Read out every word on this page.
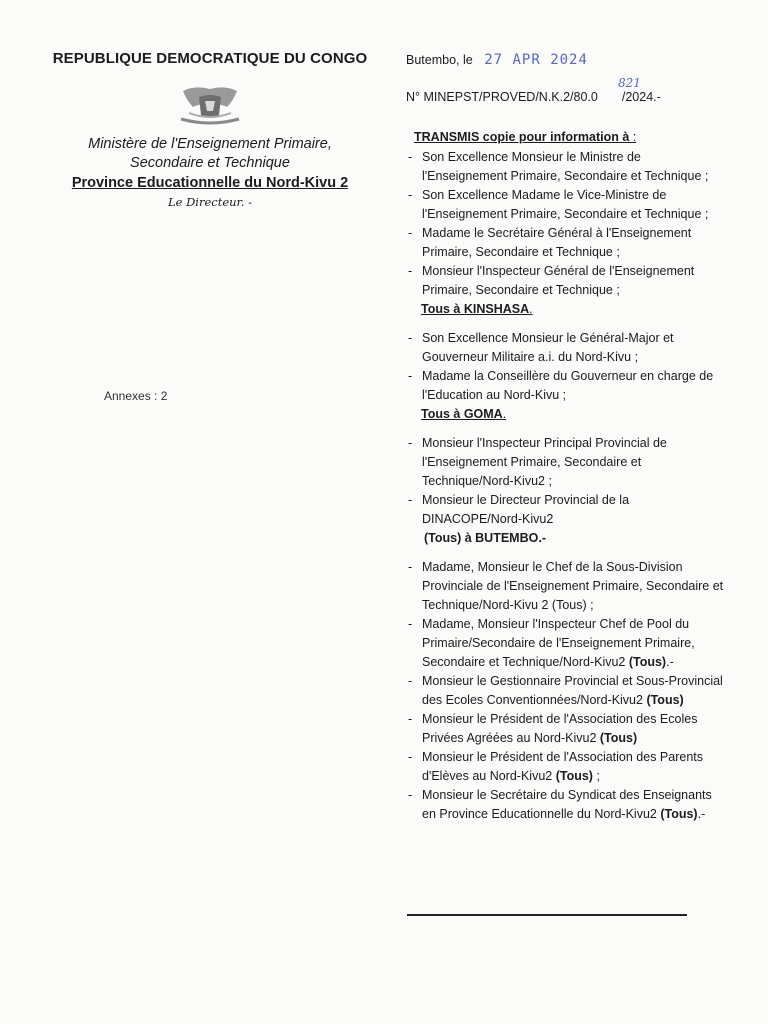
REPUBLIQUE DEMOCRATIQUE DU CONGO
Ministère de l'Enseignement Primaire,
Secondaire et Technique
Province Educationnelle du Nord-Kivu 2
Le Directeur. -
Annexes : 2
Butembo, le 27 APR 2024
N° MINEPST/PROVED/N.K.2/80.0
821
/2024.-
TRANSMIS copie pour information à :
- Son Excellence Monsieur le Ministre de l'Enseignement Primaire, Secondaire et Technique ;
- Son Excellence Madame le Vice-Ministre de l'Enseignement Primaire, Secondaire et Technique ;
- Madame le Secrétaire Général à l'Enseignement Primaire, Secondaire et Technique ;
- Monsieur l'Inspecteur Général de l'Enseignement Primaire, Secondaire et Technique ;
Tous à KINSHASA.
- Son Excellence Monsieur le Général-Major et Gouverneur Militaire a.i. du Nord-Kivu ;
- Madame la Conseillère du Gouverneur en charge de l'Education au Nord-Kivu ;
Tous à GOMA.
- Monsieur l'Inspecteur Principal Provincial de l'Enseignement Primaire, Secondaire et Technique/Nord-Kivu2 ;
- Monsieur le Directeur Provincial de la DINACOPE/Nord-Kivu2
(Tous) à BUTEMBO.-
- Madame, Monsieur le Chef de la Sous-Division Provinciale de l'Enseignement Primaire, Secondaire et Technique/Nord-Kivu 2 (Tous) ;
- Madame, Monsieur l'Inspecteur Chef de Pool du Primaire/Secondaire de l'Enseignement Primaire, Secondaire et Technique/Nord-Kivu2 (Tous).-
- Monsieur le Gestionnaire Provincial et Sous-Provincial des Ecoles Conventionnées/Nord-Kivu2 (Tous)
- Monsieur le Président de l'Association des Ecoles Privées Agréées au Nord-Kivu2 (Tous)
- Monsieur le Président de l'Association des Parents d'Elèves au Nord-Kivu2 (Tous) ;
- Monsieur le Secrétaire du Syndicat des Enseignants en Province Educationnelle du Nord-Kivu2 (Tous).-
